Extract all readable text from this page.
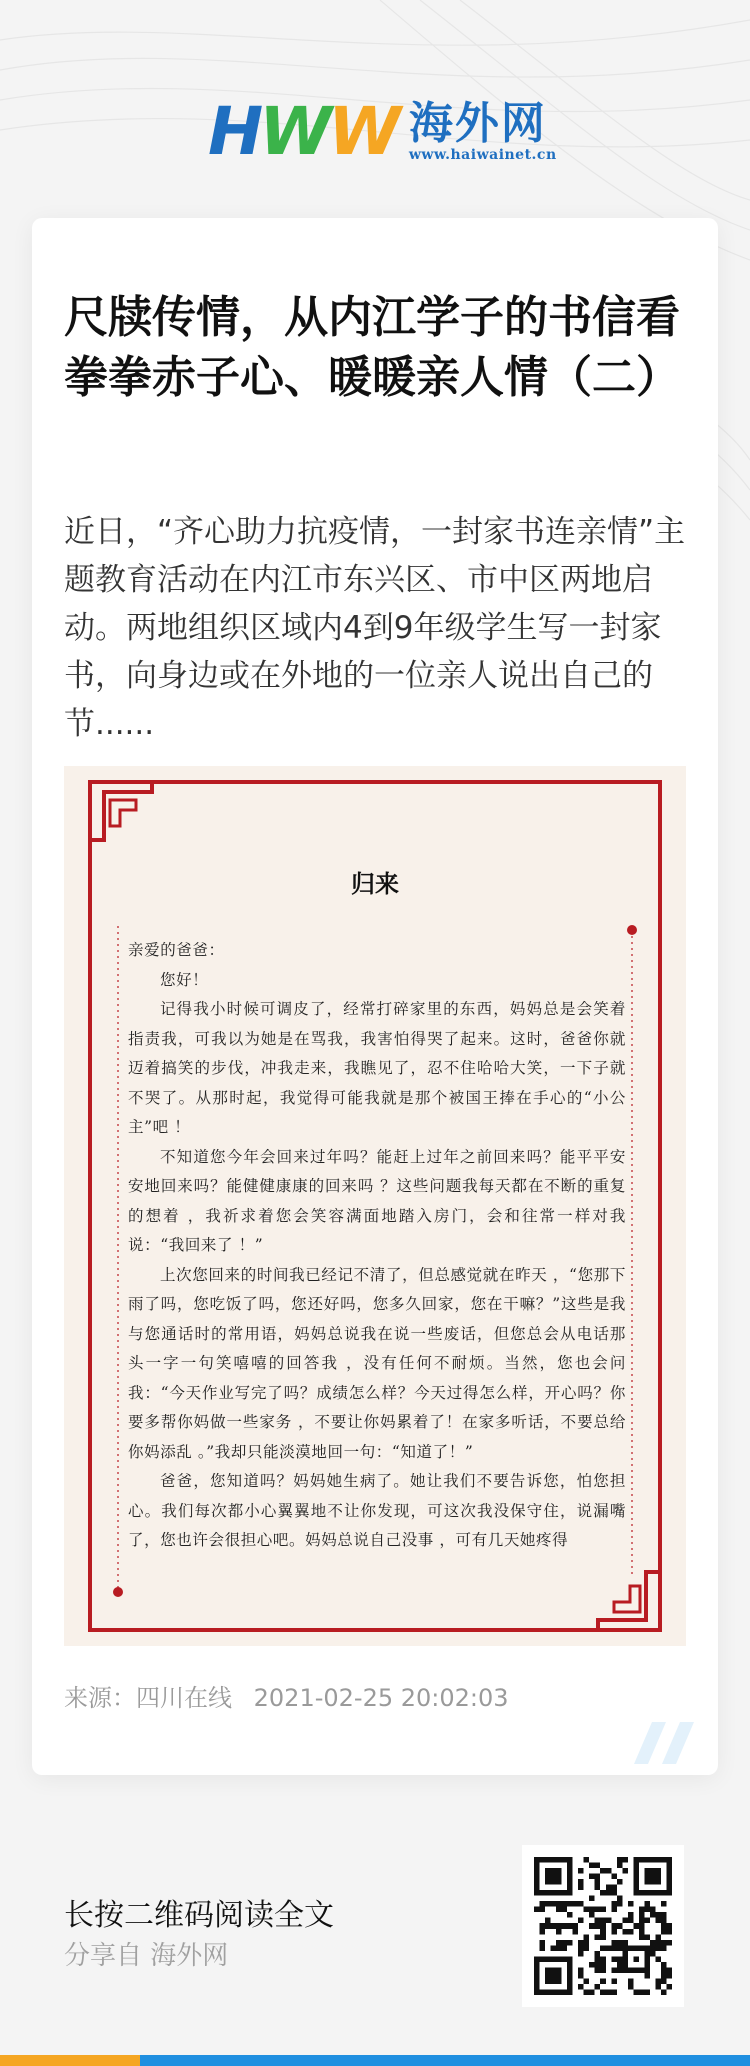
H W W 海外网
www.haiwainet.cn
尺牍传情，从内江学子的书信看拳拳赤子心、暖暖亲人情（二）

近日，“齐心助力抗疫情，一封家书连亲情”主题教育活动在内江市东兴区、市中区两地启动。两地组织区域内4到9年级学生写一封家书，向身边或在外地的一位亲人说出自己的节......

归来

亲爱的爸爸：

您好！

记得我小时候可调皮了，经常打碎家里的东西，妈妈总是会笑着指责我，可我以为她是在骂我，我害怕得哭了起来。这时，爸爸你就迈着搞笑的步伐，冲我走来，我瞧见了，忍不住哈哈大笑，一下子就不哭了。从那时起，我觉得可能我就是那个被国王捧在手心的“小公主”吧 ！

不知道您今年会回来过年吗？能赶上过年之前回来吗？能平平安安地回来吗？能健健康康的回来吗 ？这些问题我每天都在不断的重复的想着 ，我祈求着您会笑容满面地踏入房门，会和往常一样对我说：“我回来了 ！”

上次您回来的时间我已经记不清了，但总感觉就在昨天 ，“您那下雨了吗，您吃饭了吗，您还好吗，您多久回家，您在干嘛？”这些是我与您通话时的常用语，妈妈总说我在说一些废话，但您总会从电话那头一字一句笑嘻嘻的回答我 ，没有任何不耐烦。当然，您也会问我：“今天作业写完了吗？成绩怎么样？今天过得怎么样，开心吗？你要多帮你妈做一些家务 ，不要让你妈累着了！在家多听话，不要总给你妈添乱 。”我却只能淡漠地回一句：“知道了！”

爸爸，您知道吗？妈妈她生病了。她让我们不要告诉您，怕您担心。我们每次都小心翼翼地不让你发现，可这次我没保守住，说漏嘴了，您也许会很担心吧。妈妈总说自己没事 ，可有几天她疼得

来源：四川在线 2021-02-25 20:02:03
长按二维码阅读全文
分享自 海外网
